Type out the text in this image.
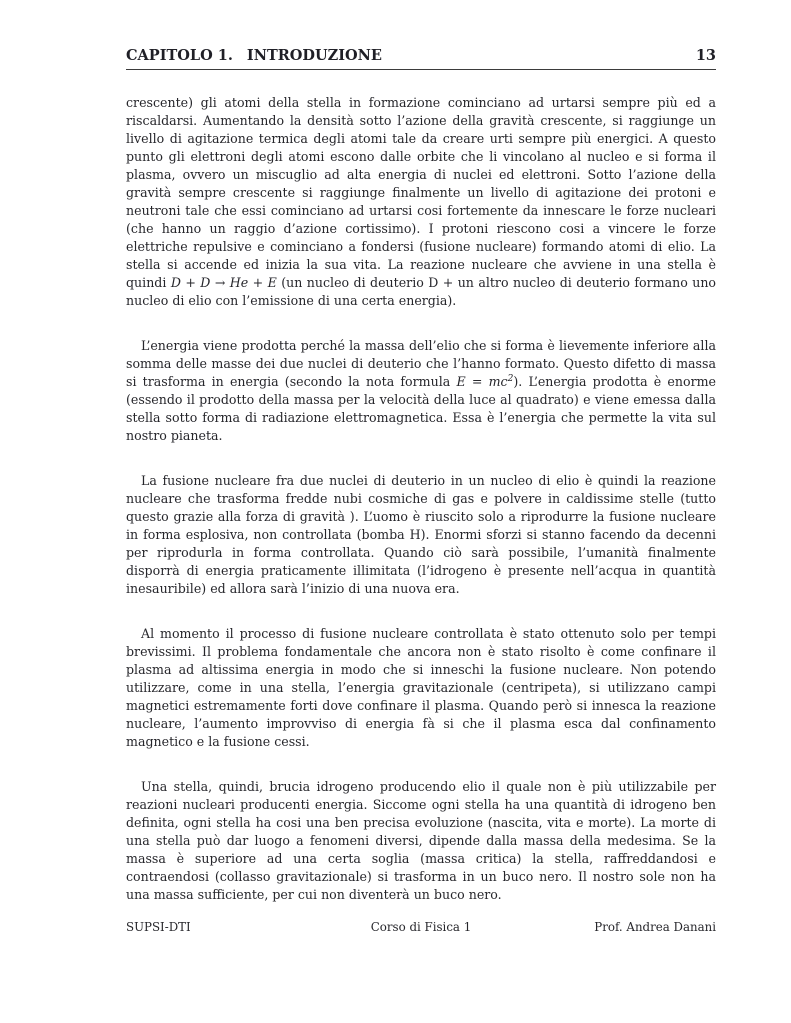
CAPITOLO 1. INTRODUZIONE	13

crescente) gli atomi della stella in formazione cominciano ad urtarsi sempre più ed a riscaldarsi. Aumentando la densità sotto l’azione della gravità crescente, si raggiunge un livello di agitazione termica degli atomi tale da creare urti sempre più energici. A questo punto gli elettroni degli atomi escono dalle orbite che li vincolano al nucleo e si forma il plasma, ovvero un miscuglio ad alta energia di nuclei ed elettroni. Sotto l’azione della gravità sempre crescente si raggiunge finalmente un livello di agitazione dei protoni e neutroni tale che essi cominciano ad urtarsi cosi fortemente da innescare le forze nucleari (che hanno un raggio d’azione cortissimo). I protoni riescono cosi a vincere le forze elettriche repulsive e cominciano a fondersi (fusione nucleare) formando atomi di elio. La stella si accende ed inizia la sua vita. La reazione nucleare che avviene in una stella è quindi D + D → He + E (un nucleo di deuterio D + un altro nucleo di deuterio formano uno nucleo di elio con l’emissione di una certa energia).

L’energia viene prodotta perché la massa dell’elio che si forma è lievemente inferiore alla somma delle masse dei due nuclei di deuterio che l’hanno formato. Questo difetto di massa si trasforma in energia (secondo la nota formula $E = mc^2$). L’energia prodotta è enorme (essendo il prodotto della massa per la velocità della luce al quadrato) e viene emessa dalla stella sotto forma di radiazione elettromagnetica. Essa è l’energia che permette la vita sul nostro pianeta.

La fusione nucleare fra due nuclei di deuterio in un nucleo di elio è quindi la reazione nucleare che trasforma fredde nubi cosmiche di gas e polvere in caldissime stelle (tutto questo grazie alla forza di gravità ). L’uomo è riuscito solo a riprodurre la fusione nucleare in forma esplosiva, non controllata (bomba H). Enormi sforzi si stanno facendo da decenni per riprodurla in forma controllata. Quando ciò sarà possibile, l’umanità finalmente disporrà di energia praticamente illimitata (l’idrogeno è presente nell’acqua in quantità inesauribile) ed allora sarà l’inizio di una nuova era.

Al momento il processo di fusione nucleare controllata è stato ottenuto solo per tempi brevissimi. Il problema fondamentale che ancora non è stato risolto è come confinare il plasma ad altissima energia in modo che si inneschi la fusione nucleare. Non potendo utilizzare, come in una stella, l’energia gravitazionale (centripeta), si utilizzano campi magnetici estremamente forti dove confinare il plasma. Quando però si innesca la reazione nucleare, l’aumento improvviso di energia fà si che il plasma esca dal confinamento magnetico e la fusione cessi.

Una stella, quindi, brucia idrogeno producendo elio il quale non è più utilizzabile per reazioni nucleari producenti energia. Siccome ogni stella ha una quantità di idrogeno ben definita, ogni stella ha cosi una ben precisa evoluzione (nascita, vita e morte). La morte di una stella può dar luogo a fenomeni diversi, dipende dalla massa della medesima. Se la massa è superiore ad una certa soglia (massa critica) la stella, raffreddandosi e contraendosi (collasso gravitazionale) si trasforma in un buco nero. Il nostro sole non ha una massa sufficiente, per cui non diventerà un buco nero.

Corso di Fisica 1
SUPSI-DTI	Prof. Andrea Danani
